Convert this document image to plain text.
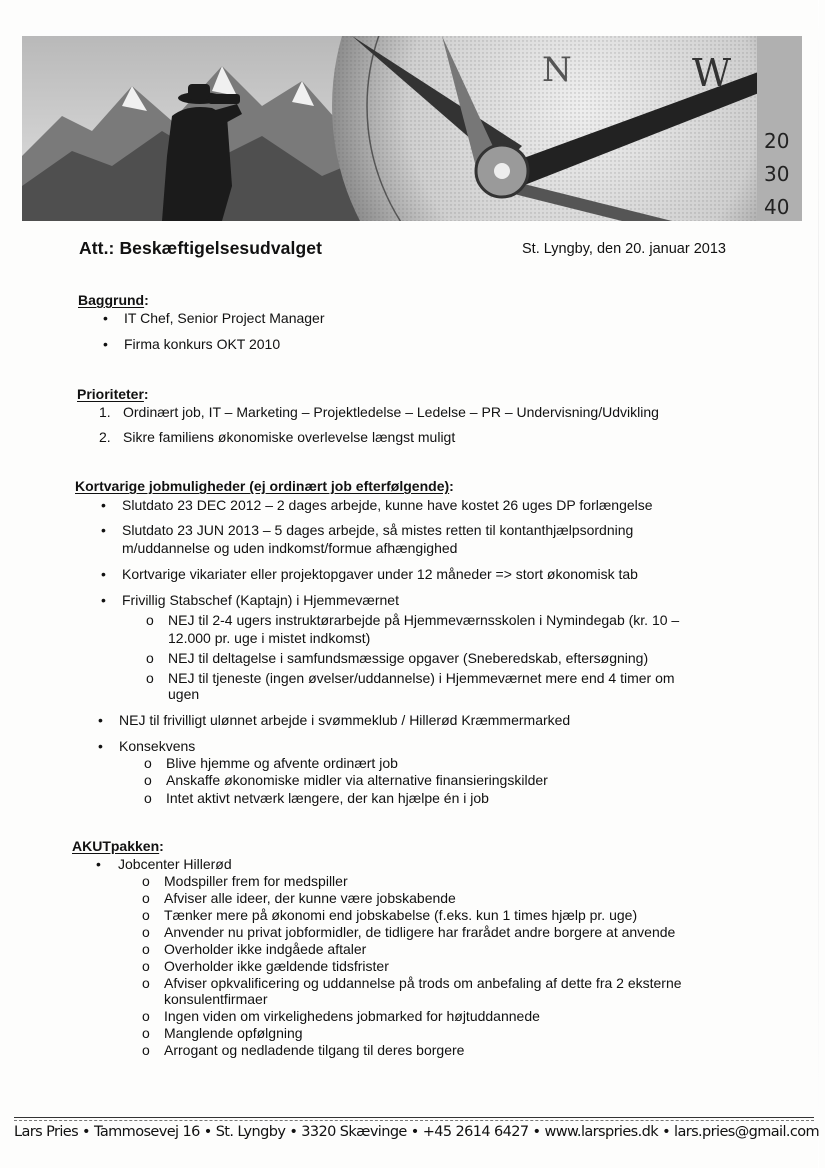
N	W
20
30
40
Att.: Beskæftigelsesudvalget	St. Lyngby, den 20. januar 2013
Baggrund:
• IT Chef, Senior Project Manager
• Firma konkurs OKT 2010
Prioriteter:
1. Ordinært job, IT – Marketing – Projektledelse – Ledelse – PR – Undervisning/Udvikling
2. Sikre familiens økonomiske overlevelse længst muligt
Kortvarige jobmuligheder (ej ordinært job efterfølgende):
• Slutdato 23 DEC 2012 – 2 dages arbejde, kunne have kostet 26 uges DP forlængelse
• Slutdato 23 JUN 2013 – 5 dages arbejde, så mistes retten til kontanthjælpsordning
m/uddannelse og uden indkomst/formue afhængighed
• Kortvarige vikariater eller projektopgaver under 12 måneder => stort økonomisk tab
• Frivillig Stabschef (Kaptajn) i Hjemmeværnet
o NEJ til 2-4 ugers instruktørarbejde på Hjemmeværnsskolen i Nymindegab (kr. 10 –
12.000 pr. uge i mistet indkomst)
o NEJ til deltagelse i samfundsmæssige opgaver (Sneberedskab, eftersøgning)
o NEJ til tjeneste (ingen øvelser/uddannelse) i Hjemmeværnet mere end 4 timer om
ugen
• NEJ til frivilligt ulønnet arbejde i svømmeklub / Hillerød Kræmmermarked
• Konsekvens
o Blive hjemme og afvente ordinært job
o Anskaffe økonomiske midler via alternative finansieringskilder
o Intet aktivt netværk længere, der kan hjælpe én i job
AKUTpakken:
• Jobcenter Hillerød
o Modspiller frem for medspiller
o Afviser alle ideer, der kunne være jobskabende
o Tænker mere på økonomi end jobskabelse (f.eks. kun 1 times hjælp pr. uge)
o Anvender nu privat jobformidler, de tidligere har frarådet andre borgere at anvende
o Overholder ikke indgåede aftaler
o Overholder ikke gældende tidsfrister
o Afviser opkvalificering og uddannelse på trods om anbefaling af dette fra 2 eksterne
konsulentfirmaer
o Ingen viden om virkelighedens jobmarked for højtuddannede
o Manglende opfølgning
o Arrogant og nedladende tilgang til deres borgere
Lars Pries • Tammosevej 16 • St. Lyngby • 3320 Skævinge • +45 2614 6427 • www.larspries.dk • lars.pries@gmail.com
